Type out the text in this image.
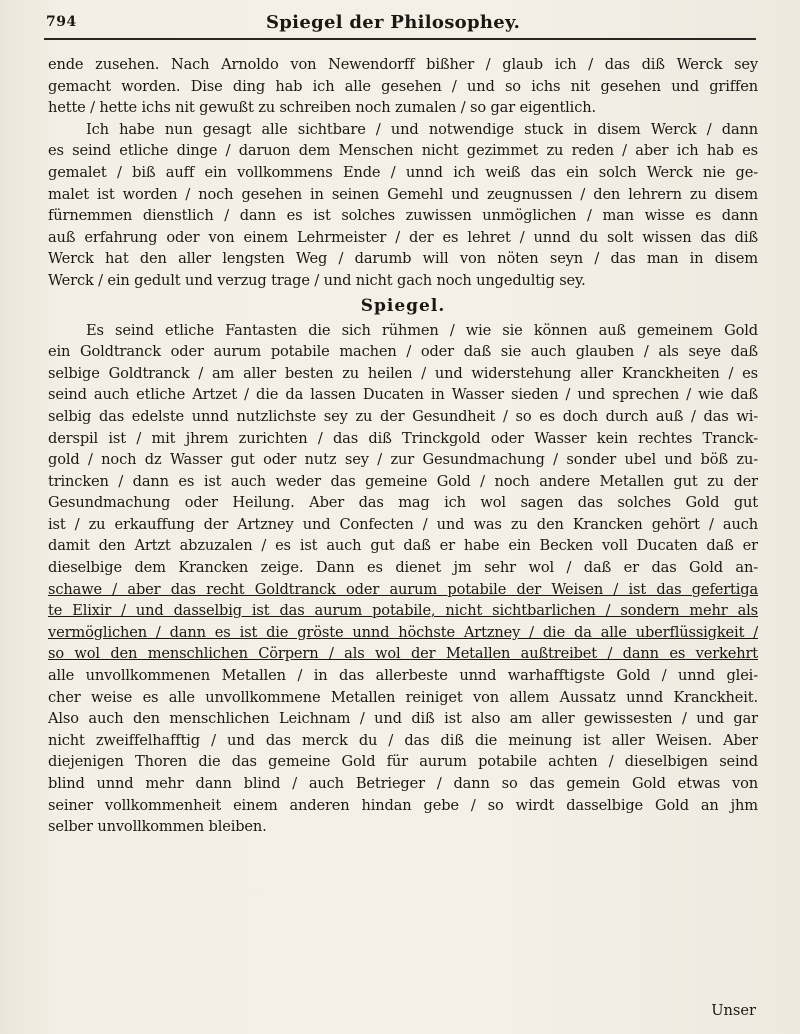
794	Spiegel der Philosophey.
ende zusehen. Nach Arnoldo von Newendorff bißher / glaub ich / das diß Werck sey
gemacht worden. Dise ding hab ich alle gesehen / und so ichs nit gesehen und griffen
hette / hette ichs nit gewußt zu schreiben noch zumalen / so gar eigentlich.
Ich habe nun gesagt alle sichtbare / und notwendige stuck in disem Werck / dann
es seind etliche dinge / daruon dem Menschen nicht gezimmet zu reden / aber ich hab es
gemalet / biß auff ein vollkommens Ende / unnd ich weiß das ein solch Werck nie ge-
malet ist worden / noch gesehen in seinen Gemehl und zeugnussen / den lehrern zu disem
fürnemmen dienstlich / dann es ist solches zuwissen unmöglichen / man wisse es dann
auß erfahrung oder von einem Lehrmeister / der es lehret / unnd du solt wissen das diß
Werck hat den aller lengsten Weg / darumb will von nöten seyn / das man in disem
Werck / ein gedult und verzug trage / und nicht gach noch ungedultig sey.
Spiegel.
Es seind etliche Fantasten die sich rühmen / wie sie können auß gemeinem Gold
ein Goldtranck oder aurum potabile machen / oder daß sie auch glauben / als seye daß
selbige Goldtranck / am aller besten zu heilen / und widerstehung aller Kranckheiten / es
seind auch etliche Artzet / die da lassen Ducaten in Wasser sieden / und sprechen / wie daß
selbig das edelste unnd nutzlichste sey zu der Gesundheit / so es doch durch auß / das wi-
derspil ist / mit jhrem zurichten / das diß Trinckgold oder Wasser kein rechtes Tranck-
gold / noch dz Wasser gut oder nutz sey / zur Gesundmachung / sonder ubel und böß zu-
trincken / dann es ist auch weder das gemeine Gold / noch andere Metallen gut zu der
Gesundmachung oder Heilung. Aber das mag ich wol sagen das solches Gold gut
ist / zu erkauffung der Artzney und Confecten / und was zu den Krancken gehört / auch
damit den Artzt abzuzalen / es ist auch gut daß er habe ein Becken voll Ducaten daß er
dieselbige dem Krancken zeige. Dann es dienet jm sehr wol / daß er das Gold an-
schawe / aber das recht Goldtranck oder aurum potabile der Weisen / ist das gefertiga
te Elixir / und dasselbig ist das aurum potabile, nicht sichtbarlichen / sondern mehr als
vermöglichen / dann es ist die gröste unnd höchste Artzney / die da alle uberflüssigkeit /
so wol den menschlichen Cörpern / als wol der Metallen außtreibet / dann es verkehrt
alle unvollkommenen Metallen / in das allerbeste unnd warhafftigste Gold / unnd glei-
cher weise es alle unvollkommene Metallen reiniget von allem Aussatz unnd Kranckheit.
Also auch den menschlichen Leichnam / und diß ist also am aller gewissesten / und gar
nicht zweiffelhafftig / und das merck du / das diß die meinung ist aller Weisen. Aber
diejenigen Thoren die das gemeine Gold für aurum potabile achten / dieselbigen seind
blind unnd mehr dann blind / auch Betrieger / dann so das gemein Gold etwas von
seiner vollkommenheit einem anderen hindan gebe / so wirdt dasselbige Gold an jhm
selber unvollkommen bleiben.
Unser
